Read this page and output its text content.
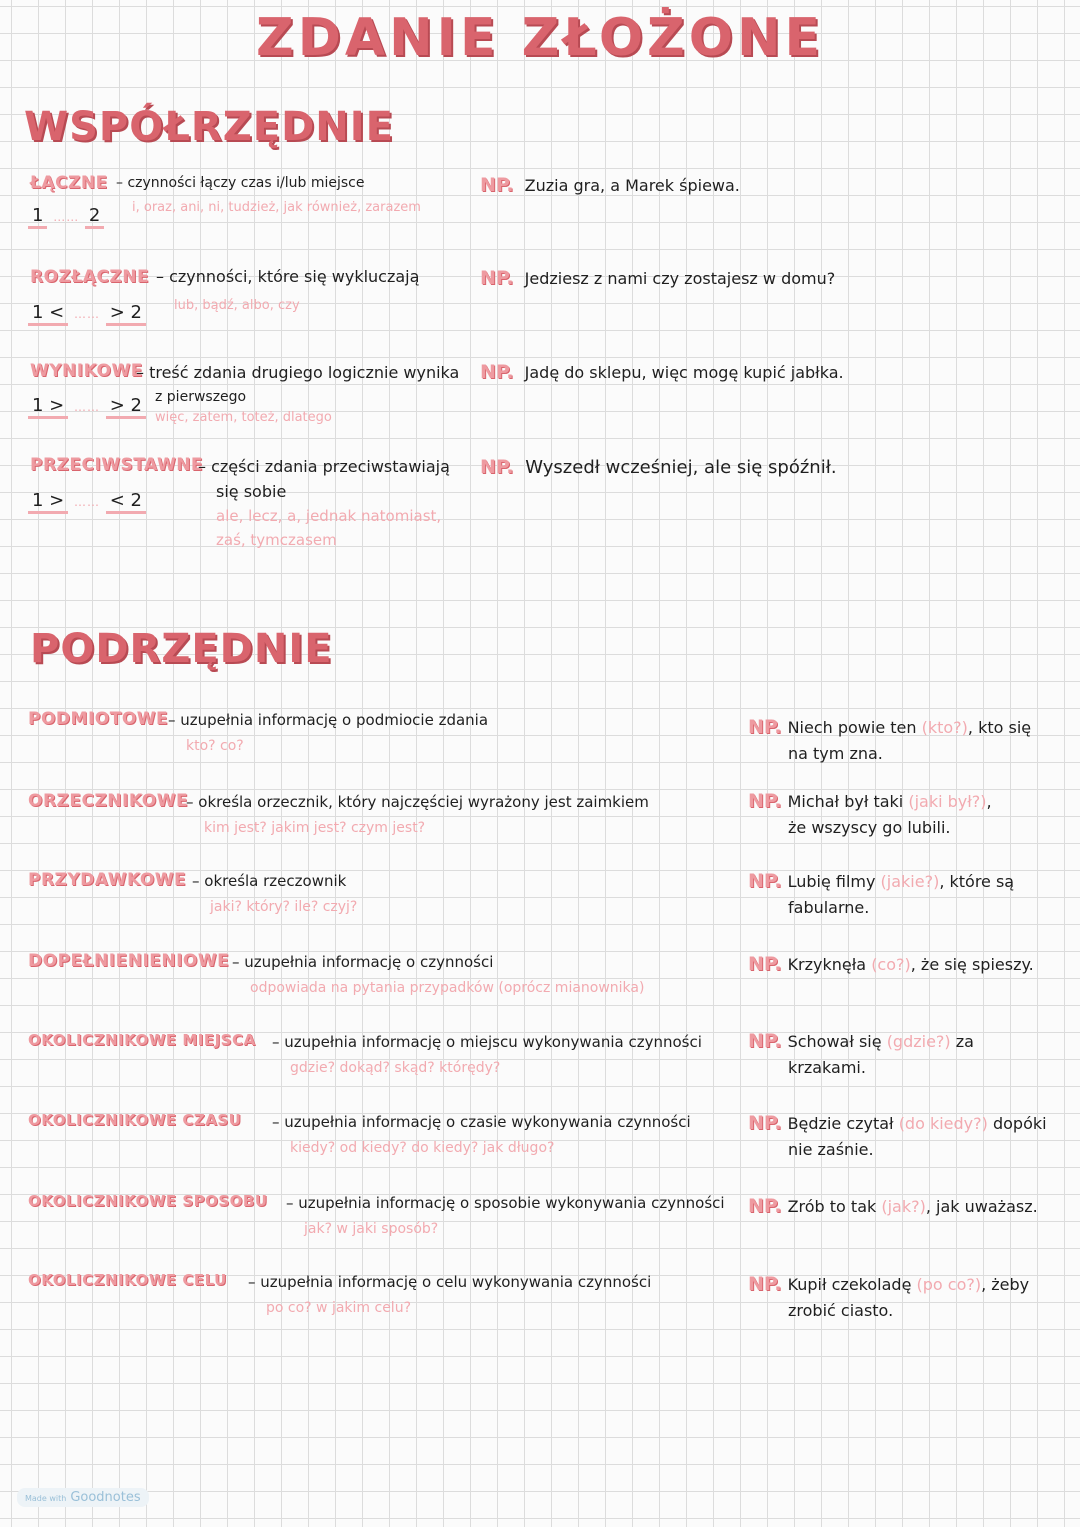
ZDANIE ZŁOŻONE
WSPÓŁRZĘDNIE
ŁĄCZNE – czynności łączy czas i/lub miejsce
i, oraz, ani, ni, tudzież, jak również, zarazem
1 …… 2
NP. Zuzia gra, a Marek śpiewa.
ROZŁĄCZNE – czynności, które się wykluczają
lub, bądź, albo, czy
1 < …… > 2
NP. Jedziesz z nami czy zostajesz w domu?
WYNIKOWE
– treść zdania drugiego logicznie wynika
z pierwszego
więc, zatem, toteż, dlatego
1 > …… > 2
NP. Jadę do sklepu, więc mogę kupić jabłka.
PRZECIWSTAWNE
– części zdania przeciwstawiają
się sobie
ale, lecz, a, jednak natomiast,
zaś, tymczasem
1 > …… < 2
NP. Wyszedł wcześniej, ale się spóźnił.
PODRZĘDNIE
PODMIOTOWE – uzupełnia informację o podmiocie zdania
kto? co?
NP. Niech powie ten (kto?), kto się
na tym zna.
ORZECZNIKOWE
– określa orzecznik, który najczęściej wyrażony jest zaimkiem
kim jest? jakim jest? czym jest?
NP. Michał był taki (jaki był?),
że wszyscy go lubili.
PRZYDAWKOWE – określa rzeczownik
jaki? który? ile? czyj?
NP. Lubię filmy (jakie?), które są
fabularne.
DOPEŁNIENIENIOWE – uzupełnia informację o czynności
odpowiada na pytania przypadków (oprócz mianownika)
NP. Krzyknęła (co?), że się spieszy.
OKOLICZNIKOWE MIEJSCA – uzupełnia informację o miejscu wykonywania czynności
gdzie? dokąd? skąd? którędy?
NP. Schował się (gdzie?) za
krzakami.
OKOLICZNIKOWE CZASU – uzupełnia informację o czasie wykonywania czynności
kiedy? od kiedy? do kiedy? jak długo?
NP. Będzie czytał (do kiedy?) dopóki
nie zaśnie.
OKOLICZNIKOWE SPOSOBU – uzupełnia informację o sposobie wykonywania czynności
jak? w jaki sposób?
NP. Zrób to tak (jak?), jak uważasz.
OKOLICZNIKOWE CELU – uzupełnia informację o celu wykonywania czynności
po co? w jakim celu?
NP. Kupił czekoladę (po co?), żeby
zrobić ciasto.
Made with Goodnotes
